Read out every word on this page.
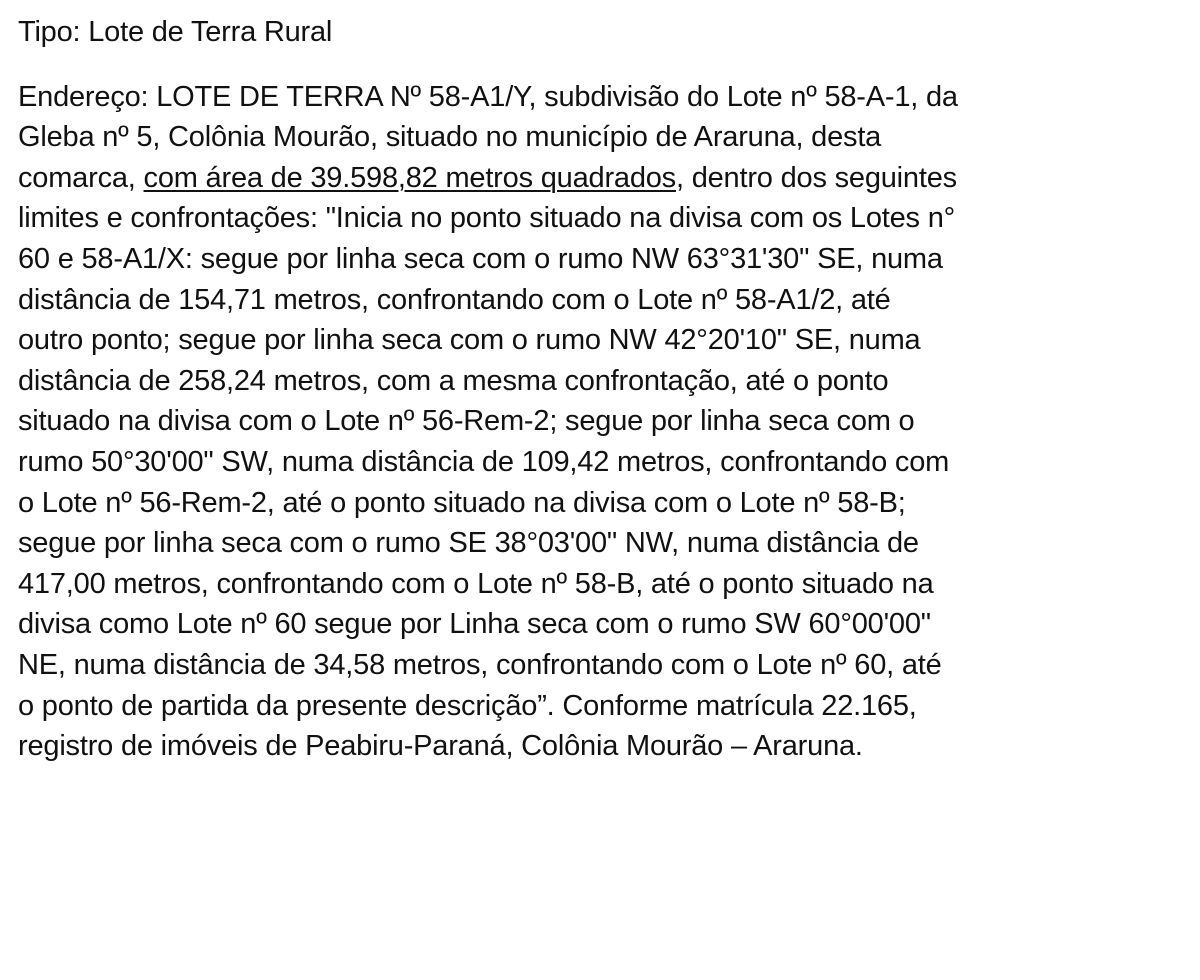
Tipo: Lote de Terra Rural
Endereço: LOTE DE TERRA Nº 58-A1/Y, subdivisão do Lote nº 58-A-1, da
Gleba nº 5, Colônia Mourão, situado no município de Araruna, desta
comarca, com área de 39.598,82 metros quadrados, dentro dos seguintes
limites e confrontações: "Inicia no ponto situado na divisa com os Lotes n°
60 e 58-A1/X: segue por linha seca com o rumo NW 63°31'30" SE, numa
distância de 154,71 metros, confrontando com o Lote nº 58-A1/2, até
outro ponto; segue por linha seca com o rumo NW 42°20'10" SE, numa
distância de 258,24 metros, com a mesma confrontação, até o ponto
situado na divisa com o Lote nº 56-Rem-2; segue por linha seca com o
rumo 50°30'00" SW, numa distância de 109,42 metros, confrontando com
o Lote nº 56-Rem-2, até o ponto situado na divisa com o Lote nº 58-B;
segue por linha seca com o rumo SE 38°03'00" NW, numa distância de
417,00 metros, confrontando com o Lote nº 58-B, até o ponto situado na
divisa como Lote nº 60 segue por Linha seca com o rumo SW 60°00'00"
NE, numa distância de 34,58 metros, confrontando com o Lote nº 60, até
o ponto de partida da presente descrição”. Conforme matrícula 22.165,
registro de imóveis de Peabiru-Paraná, Colônia Mourão – Araruna.
